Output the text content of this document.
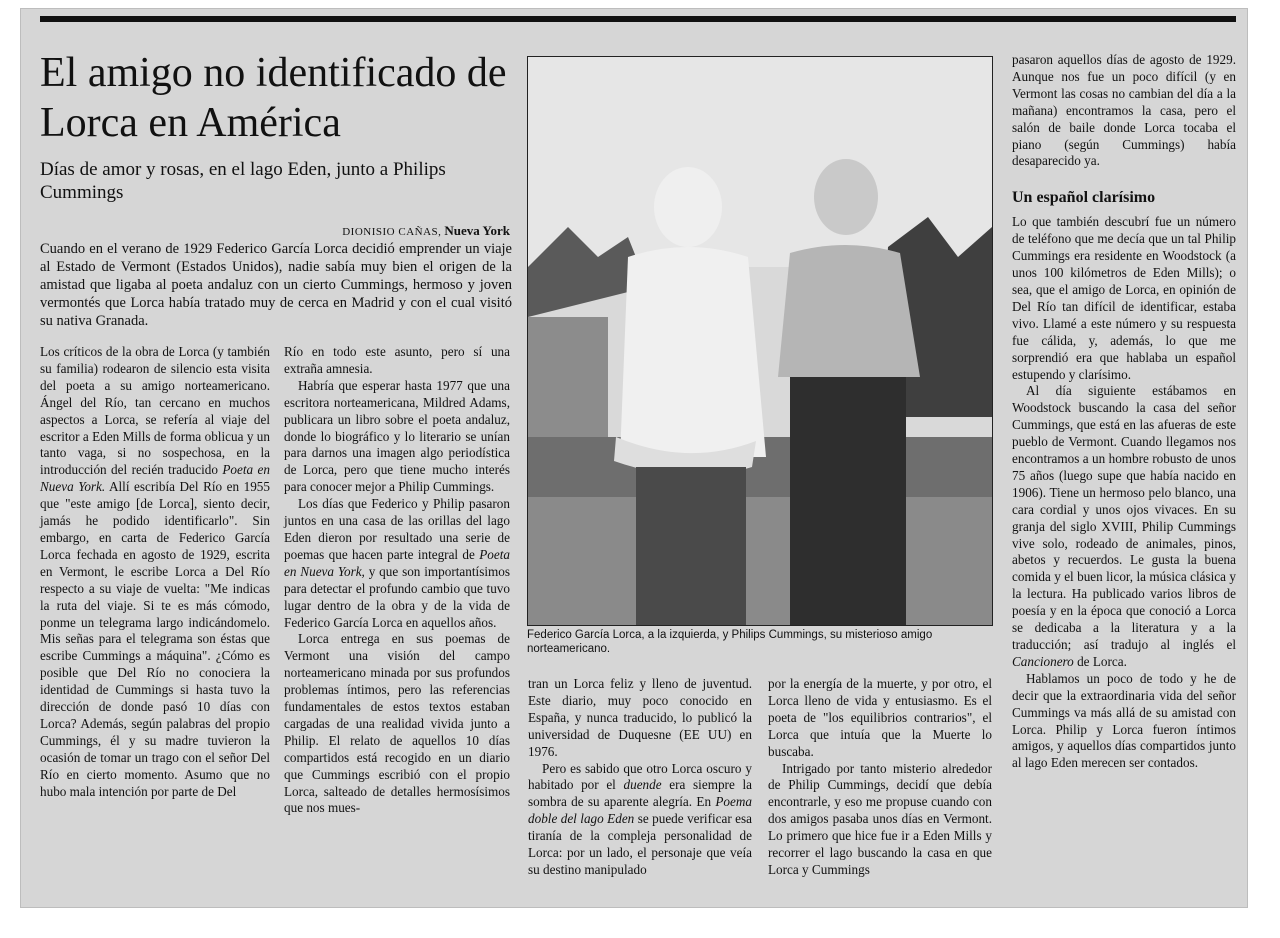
El amigo no identificado de Lorca en América
Días de amor y rosas, en el lago Eden, junto a Philips Cummings
DIONISIO CAÑAS, Nueva York

Cuando en el verano de 1929 Federico García Lorca decidió emprender un viaje al Estado de Vermont (Estados Unidos), nadie sabía muy bien el origen de la amistad que ligaba al poeta andaluz con un cierto Cummings, hermoso y joven vermontés que Lorca había tratado muy de cerca en Madrid y con el cual visitó su nativa Granada.

Los críticos de la obra de Lorca (y también su familia) rodearon de silencio esta visita del poeta a su amigo norteamericano. Ángel del Río, tan cercano en muchos aspectos a Lorca, se refería al viaje del escritor a Eden Mills de forma oblicua y un tanto vaga, si no sospechosa, en la introducción del recién traducido Poeta en Nueva York. Allí escribía Del Río en 1955 que "este amigo [de Lorca], siento decir, jamás he podido identificarlo". Sin embargo, en carta de Federico García Lorca fechada en agosto de 1929, escrita en Vermont, le escribe Lorca a Del Río respecto a su viaje de vuelta: "Me indicas la ruta del viaje. Si te es más cómodo, ponme un telegrama largo indicándomelo. Mis señas para el telegrama son éstas que escribe Cummings a máquina". ¿Cómo es posible que Del Río no conociera la identidad de Cummings si hasta tuvo la dirección de donde pasó 10 días con Lorca? Además, según palabras del propio Cummings, él y su madre tuvieron la ocasión de tomar un trago con el señor Del Río en cierto momento. Asumo que no hubo mala intención por parte de Del

Río en todo este asunto, pero sí una extraña amnesia.

Habría que esperar hasta 1977 que una escritora norteamericana, Mildred Adams, publicara un libro sobre el poeta andaluz, donde lo biográfico y lo literario se unían para darnos una imagen algo periodística de Lorca, pero que tiene mucho interés para conocer mejor a Philip Cummings.

Los días que Federico y Philip pasaron juntos en una casa de las orillas del lago Eden dieron por resultado una serie de poemas que hacen parte integral de Poeta en Nueva York, y que son importantísimos para detectar el profundo cambio que tuvo lugar dentro de la obra y de la vida de Federico García Lorca en aquellos años.

Lorca entrega en sus poemas de Vermont una visión del campo norteamericano minada por sus profundos problemas íntimos, pero las referencias fundamentales de estos textos estaban cargadas de una realidad vivida junto a Philip. El relato de aquellos 10 días compartidos está recogido en un diario que Cummings escribió con el propio Lorca, salteado de detalles hermosísimos que nos mues-

Federico García Lorca, a la izquierda, y Philips Cummings, su misterioso amigo norteamericano.

tran un Lorca feliz y lleno de juventud. Este diario, muy poco conocido en España, y nunca traducido, lo publicó la universidad de Duquesne (EE UU) en 1976.

Pero es sabido que otro Lorca oscuro y habitado por el duende era siempre la sombra de su aparente alegría. En Poema doble del lago Eden se puede verificar esa tiranía de la compleja personalidad de Lorca: por un lado, el personaje que veía su destino manipulado

por la energía de la muerte, y por otro, el Lorca lleno de vida y entusiasmo. Es el poeta de "los equilibrios contrarios", el Lorca que intuía que la Muerte lo buscaba.

Intrigado por tanto misterio alrededor de Philip Cummings, decidí que debía encontrarle, y eso me propuse cuando con dos amigos pasaba unos días en Vermont. Lo primero que hice fue ir a Eden Mills y recorrer el lago buscando la casa en que Lorca y Cummings

pasaron aquellos días de agosto de 1929. Aunque nos fue un poco difícil (y en Vermont las cosas no cambian del día a la mañana) encontramos la casa, pero el salón de baile donde Lorca tocaba el piano (según Cummings) había desaparecido ya.

Un español clarísimo

Lo que también descubrí fue un número de teléfono que me decía que un tal Philip Cummings era residente en Woodstock (a unos 100 kilómetros de Eden Mills); o sea, que el amigo de Lorca, en opinión de Del Río tan difícil de identificar, estaba vivo. Llamé a este número y su respuesta fue cálida, y, además, lo que me sorprendió era que hablaba un español estupendo y clarísimo.

Al día siguiente estábamos en Woodstock buscando la casa del señor Cummings, que está en las afueras de este pueblo de Vermont. Cuando llegamos nos encontramos a un hombre robusto de unos 75 años (luego supe que había nacido en 1906). Tiene un hermoso pelo blanco, una cara cordial y unos ojos vivaces. En su granja del siglo XVIII, Philip Cummings vive solo, rodeado de animales, pinos, abetos y recuerdos. Le gusta la buena comida y el buen licor, la música clásica y la lectura. Ha publicado varios libros de poesía y en la época que conoció a Lorca se dedicaba a la literatura y a la traducción; así tradujo al inglés el Cancionero de Lorca.

Hablamos un poco de todo y he de decir que la extraordinaria vida del señor Cummings va más allá de su amistad con Lorca. Philip y Lorca fueron íntimos amigos, y aquellos días compartidos junto al lago Eden merecen ser contados.
